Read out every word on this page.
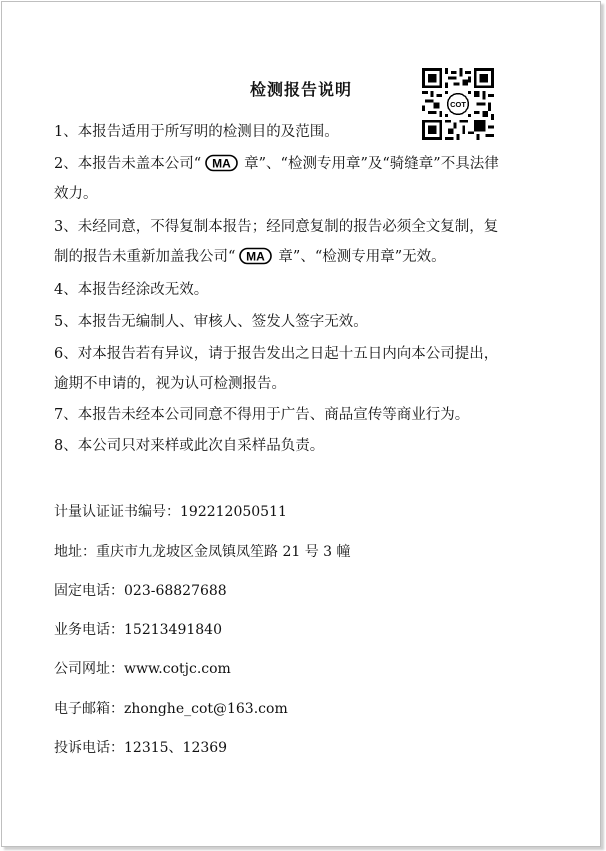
检测报告说明
COT
1、本报告适用于所写明的检测目的及范围。
2、本报告未盖本公司“ MA 章”、“检测专用章”及“骑缝章”不具法律
效力。
3、未经同意，不得复制本报告；经同意复制的报告必须全文复制，复
制的报告未重新加盖我公司“ MA 章”、“检测专用章”无效。
4、本报告经涂改无效。
5、本报告无编制人、审核人、签发人签字无效。
6、对本报告若有异议，请于报告发出之日起十五日内向本公司提出，
逾期不申请的，视为认可检测报告。
7、本报告未经本公司同意不得用于广告、商品宣传等商业行为。
8、本公司只对来样或此次自采样品负责。
计量认证证书编号：192212050511
地址：重庆市九龙坡区金凤镇凤笙路 21 号 3 幢
固定电话：023-68827688
业务电话：15213491840
公司网址：www.cotjc.com
电子邮箱：zhonghe_cot@163.com
投诉电话：12315、12369
